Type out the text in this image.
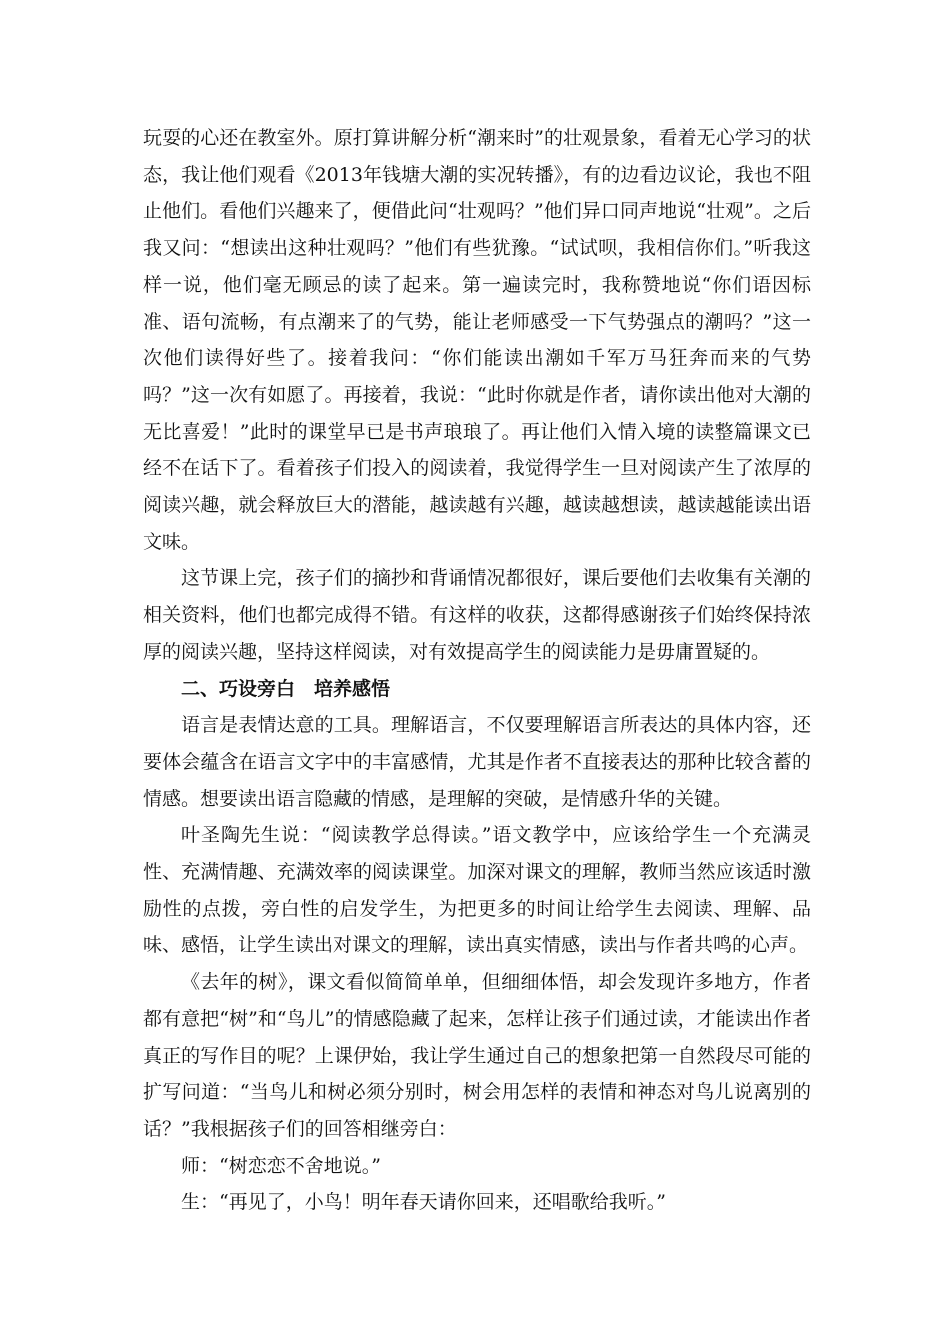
玩耍的心还在教室外。原打算讲解分析“潮来时”的壮观景象，看着无心学习的状态，我让他们观看《2013年钱塘大潮的实况转播》，有的边看边议论，我也不阻止他们。看他们兴趣来了，便借此问“壮观吗？”他们异口同声地说“壮观”。之后我又问：“想读出这种壮观吗？”他们有些犹豫。“试试呗，我相信你们。”听我这样一说，他们毫无顾忌的读了起来。第一遍读完时，我称赞地说“你们语因标准、语句流畅，有点潮来了的气势，能让老师感受一下气势强点的潮吗？”这一次他们读得好些了。接着我问：“你们能读出潮如千军万马狂奔而来的气势吗？”这一次有如愿了。再接着，我说：“此时你就是作者，请你读出他对大潮的无比喜爱！”此时的课堂早已是书声琅琅了。再让他们入情入境的读整篇课文已经不在话下了。看着孩子们投入的阅读着，我觉得学生一旦对阅读产生了浓厚的阅读兴趣，就会释放巨大的潜能，越读越有兴趣，越读越想读，越读越能读出语文味。

这节课上完，孩子们的摘抄和背诵情况都很好，课后要他们去收集有关潮的相关资料，他们也都完成得不错。有这样的收获，这都得感谢孩子们始终保持浓厚的阅读兴趣，坚持这样阅读，对有效提高学生的阅读能力是毋庸置疑的。

二、巧设旁白 培养感悟

语言是表情达意的工具。理解语言，不仅要理解语言所表达的具体内容，还要体会蕴含在语言文字中的丰富感情，尤其是作者不直接表达的那种比较含蓄的情感。想要读出语言隐藏的情感，是理解的突破，是情感升华的关键。

叶圣陶先生说：“阅读教学总得读。”语文教学中，应该给学生一个充满灵性、充满情趣、充满效率的阅读课堂。加深对课文的理解，教师当然应该适时激励性的点拨，旁白性的启发学生，为把更多的时间让给学生去阅读、理解、品味、感悟，让学生读出对课文的理解，读出真实情感，读出与作者共鸣的心声。

《去年的树》，课文看似简简单单，但细细体悟，却会发现许多地方，作者都有意把“树”和“鸟儿”的情感隐藏了起来，怎样让孩子们通过读，才能读出作者真正的写作目的呢？上课伊始，我让学生通过自己的想象把第一自然段尽可能的扩写问道：“当鸟儿和树必须分别时，树会用怎样的表情和神态对鸟儿说离别的话？”我根据孩子们的回答相继旁白：

师：“树恋恋不舍地说。”

生：“再见了，小鸟！明年春天请你回来，还唱歌给我听。”
